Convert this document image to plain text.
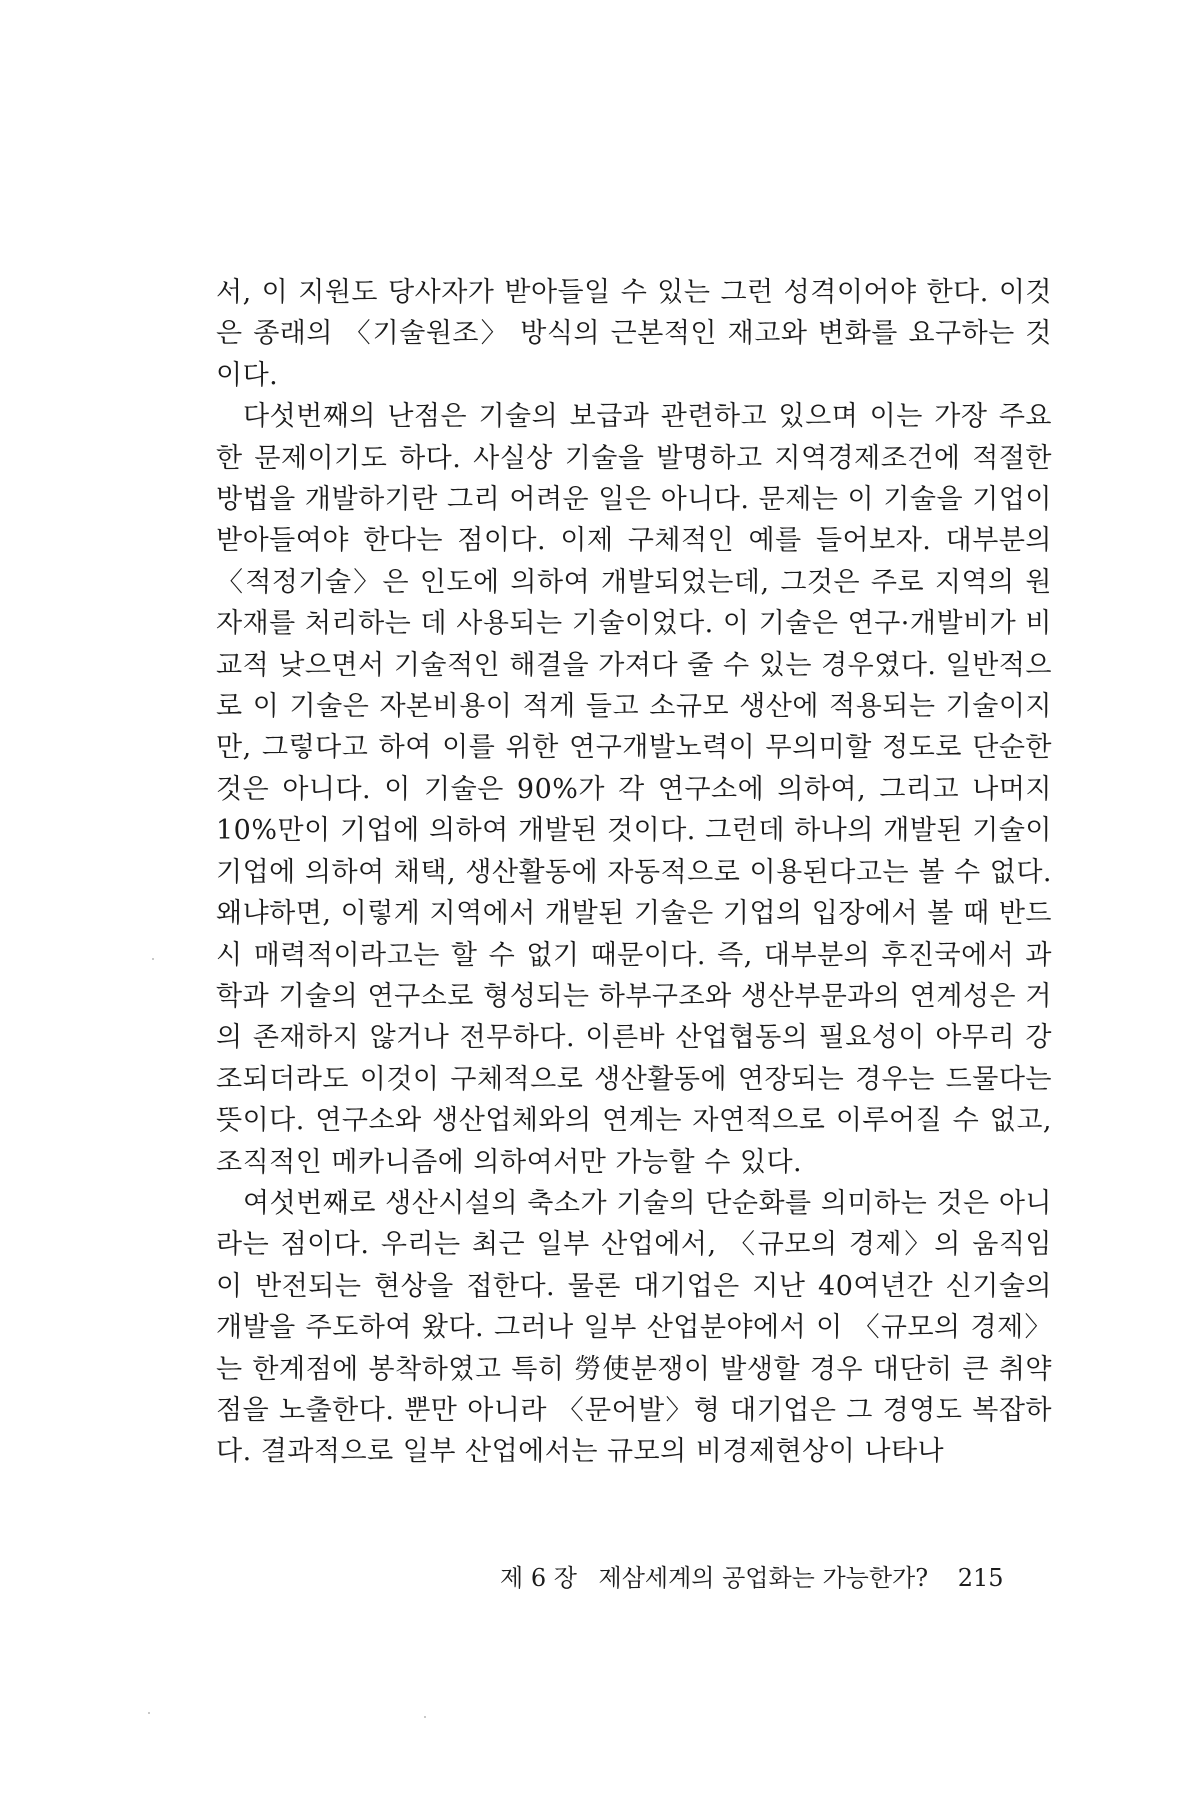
서, 이 지원도 당사자가 받아들일 수 있는 그런 성격이어야 한다. 이것은 종래의 〈기술원조〉 방식의 근본적인 재고와 변화를 요구하는 것이다.

다섯번째의 난점은 기술의 보급과 관련하고 있으며 이는 가장 주요한 문제이기도 하다. 사실상 기술을 발명하고 지역경제조건에 적절한 방법을 개발하기란 그리 어려운 일은 아니다. 문제는 이 기술을 기업이 받아들여야 한다는 점이다. 이제 구체적인 예를 들어보자. 대부분의 〈적정기술〉은 인도에 의하여 개발되었는데, 그것은 주로 지역의 원자재를 처리하는 데 사용되는 기술이었다. 이 기술은 연구·개발비가 비교적 낮으면서 기술적인 해결을 가져다 줄 수 있는 경우였다. 일반적으로 이 기술은 자본비용이 적게 들고 소규모 생산에 적용되는 기술이지만, 그렇다고 하여 이를 위한 연구개발노력이 무의미할 정도로 단순한 것은 아니다. 이 기술은 90%가 각 연구소에 의하여, 그리고 나머지 10%만이 기업에 의하여 개발된 것이다. 그런데 하나의 개발된 기술이 기업에 의하여 채택, 생산활동에 자동적으로 이용된다고는 볼 수 없다. 왜냐하면, 이렇게 지역에서 개발된 기술은 기업의 입장에서 볼 때 반드시 매력적이라고는 할 수 없기 때문이다. 즉, 대부분의 후진국에서 과학과 기술의 연구소로 형성되는 하부구조와 생산부문과의 연계성은 거의 존재하지 않거나 전무하다. 이른바 산업협동의 필요성이 아무리 강조되더라도 이것이 구체적으로 생산활동에 연장되는 경우는 드물다는 뜻이다. 연구소와 생산업체와의 연계는 자연적으로 이루어질 수 없고, 조직적인 메카니즘에 의하여서만 가능할 수 있다.

여섯번째로 생산시설의 축소가 기술의 단순화를 의미하는 것은 아니라는 점이다. 우리는 최근 일부 산업에서, 〈규모의 경제〉의 움직임이 반전되는 현상을 접한다. 물론 대기업은 지난 40여년간 신기술의 개발을 주도하여 왔다. 그러나 일부 산업분야에서 이 〈규모의 경제〉는 한계점에 봉착하였고 특히 勞使분쟁이 발생할 경우 대단히 큰 취약점을 노출한다. 뿐만 아니라 〈문어발〉형 대기업은 그 경영도 복잡하다. 결과적으로 일부 산업에서는 규모의 비경제현상이 나타나

제 6 장 제삼세계의 공업화는 가능한가? 215
